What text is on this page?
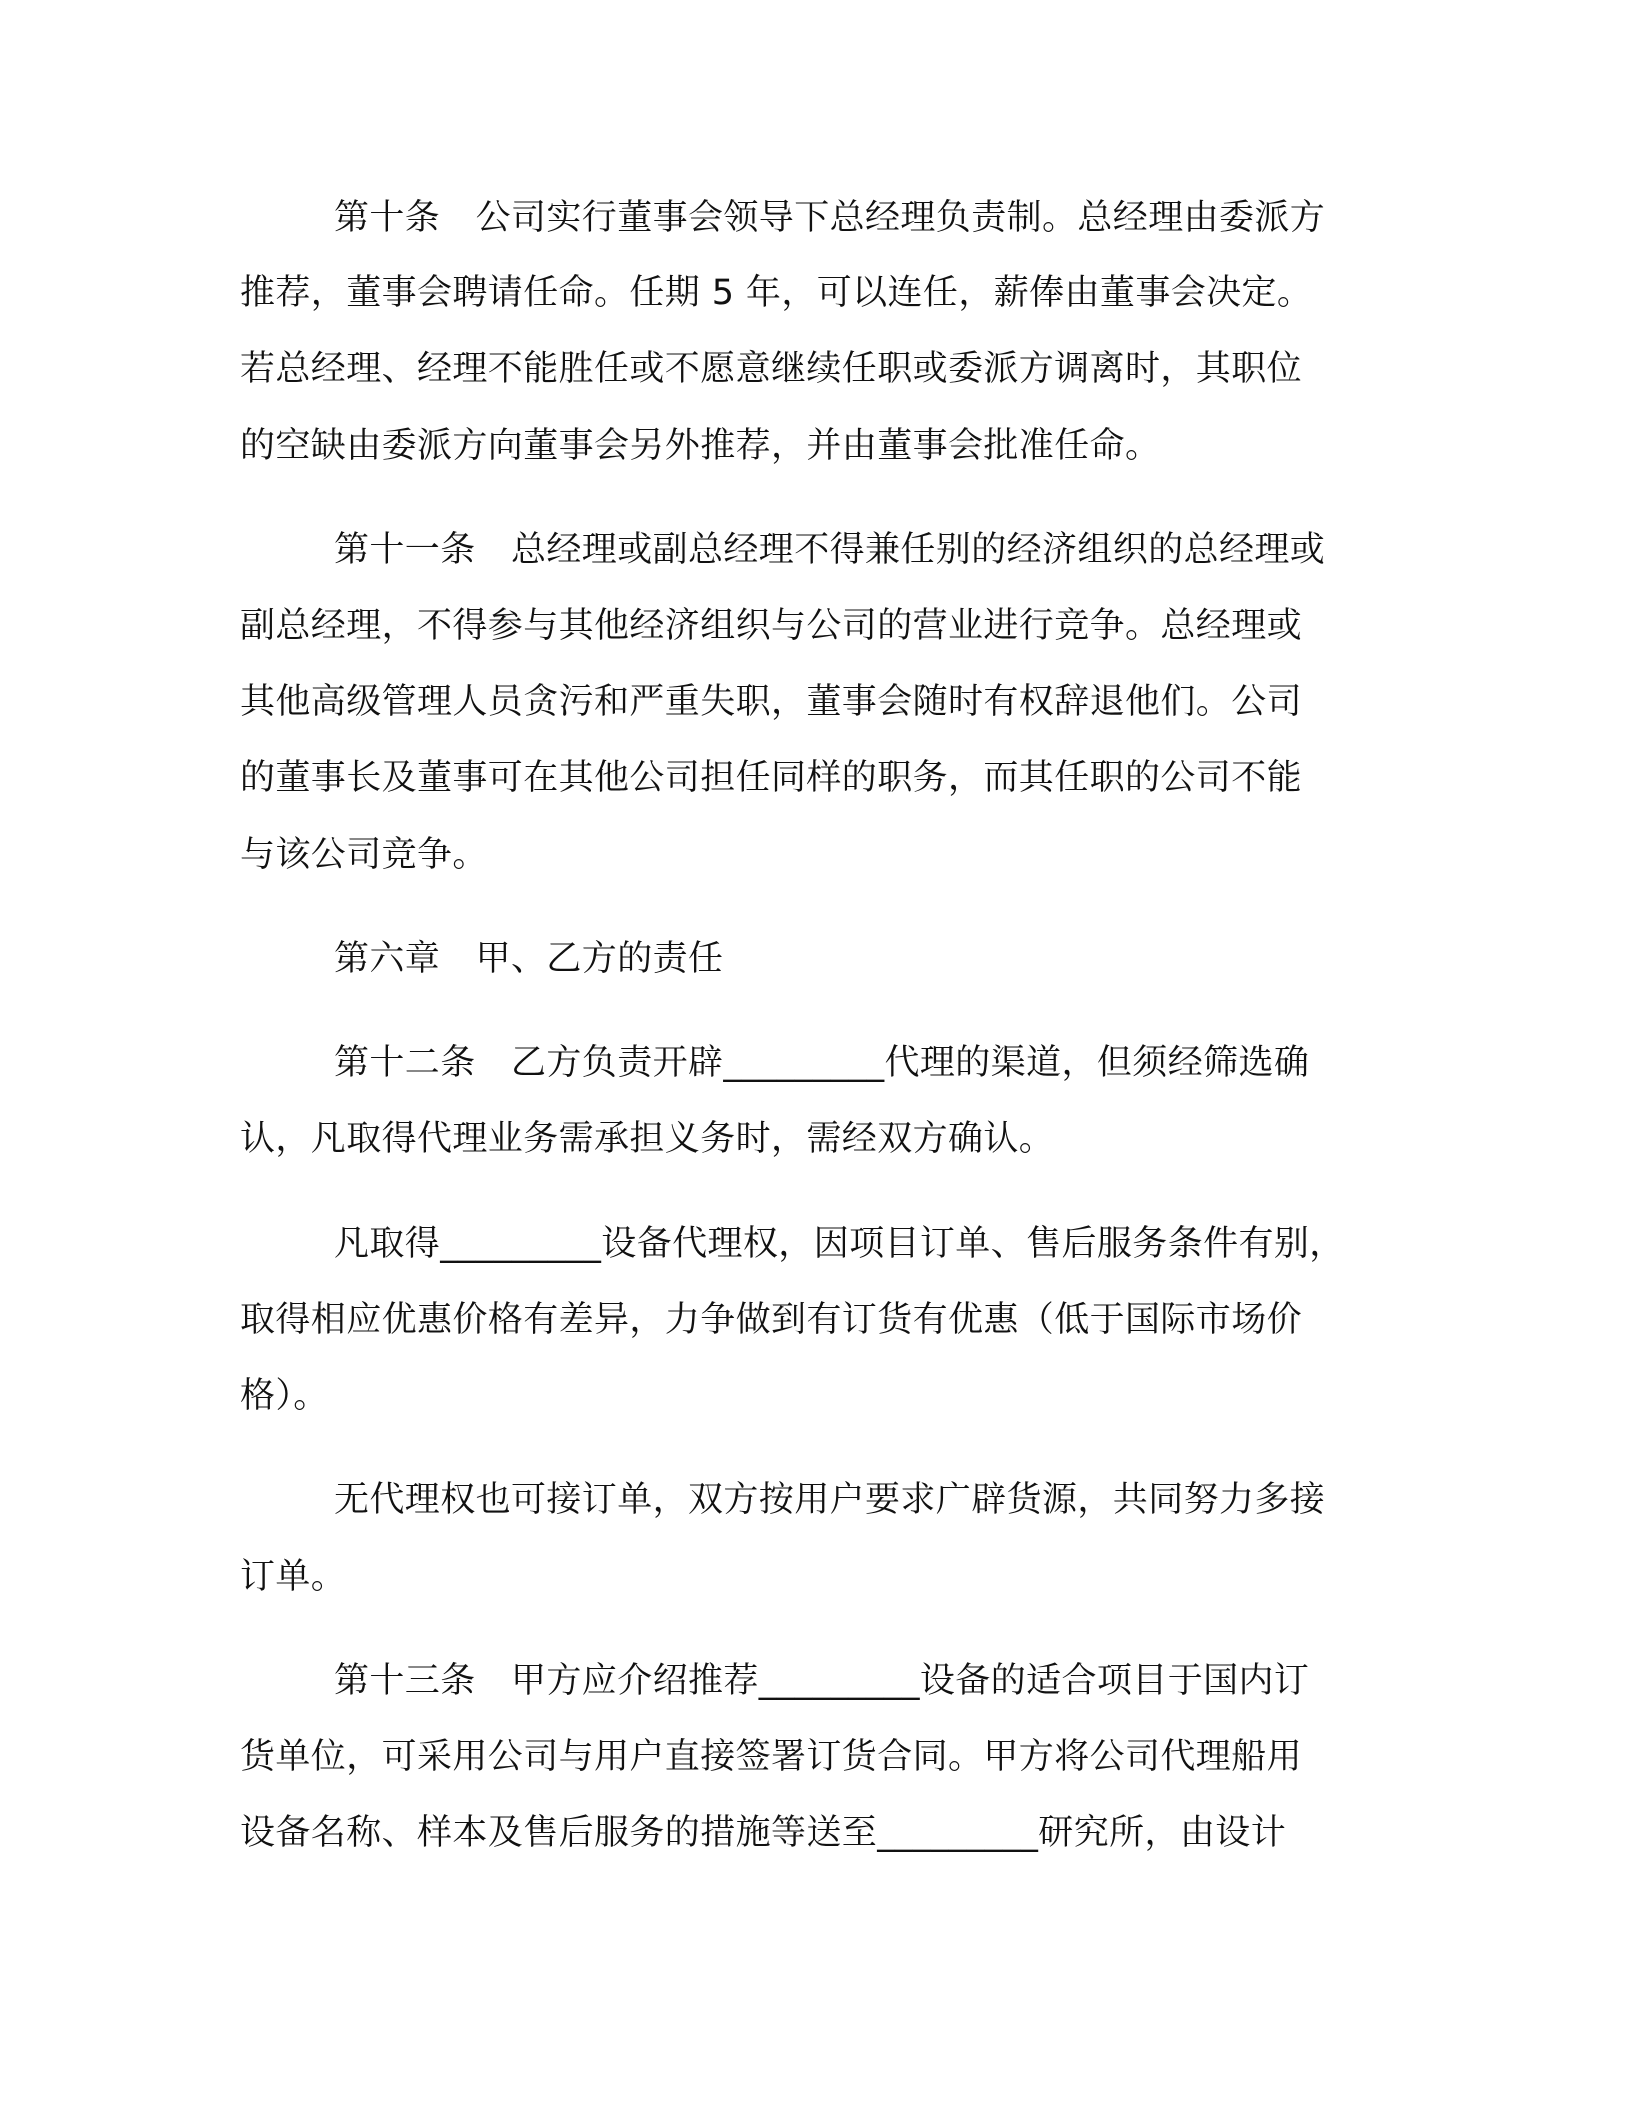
第十条　公司实行董事会领导下总经理负责制。总经理由委派方
推荐，董事会聘请任命。任期 5 年，可以连任，薪俸由董事会决定。
若总经理、经理不能胜任或不愿意继续任职或委派方调离时，其职位
的空缺由委派方向董事会另外推荐，并由董事会批准任命。
第十一条　总经理或副总经理不得兼任别的经济组织的总经理或
副总经理，不得参与其他经济组织与公司的营业进行竞争。总经理或
其他高级管理人员贪污和严重失职，董事会随时有权辞退他们。公司
的董事长及董事可在其他公司担任同样的职务，而其任职的公司不能
与该公司竞争。
第六章　甲、乙方的责任
第十二条　乙方负责开辟_________代理的渠道，但须经筛选确
认，凡取得代理业务需承担义务时，需经双方确认。
凡取得_________设备代理权，因项目订单、售后服务条件有别，
取得相应优惠价格有差异，力争做到有订货有优惠（低于国际市场价
格）。
无代理权也可接订单，双方按用户要求广辟货源，共同努力多接
订单。
第十三条　甲方应介绍推荐_________设备的适合项目于国内订
货单位，可采用公司与用户直接签署订货合同。甲方将公司代理船用
设备名称、样本及售后服务的措施等送至_________研究所，由设计
